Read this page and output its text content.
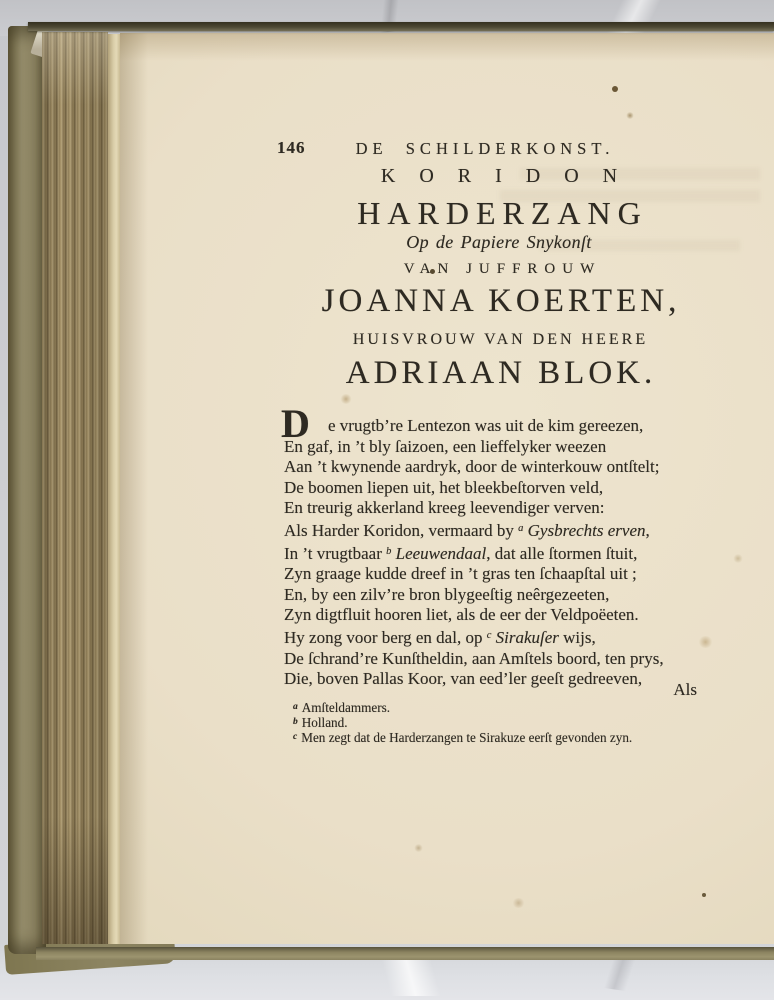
146	DE SCHILDERKONST.
KORIDON
HARDERZANG
Op de Papiere Snykonſt
VAN JUFFROUW
JOANNA KOERTEN,
HUISVROUW VAN DEN HEERE
ADRIAAN BLOK.
D	e vrugtb’re Lentezon was uit de kim gereezen,
En gaf, in ’t bly ſaizoen, een lieffelyker weezen
Aan ’t kwynende aardryk, door de winterkouw ontſtelt;
De boomen liepen uit, het bleekbeſtorven veld,
En treurig akkerland kreeg leevendiger verven:
Als Harder Koridon, vermaard by $^a$ Gysbrechts erven,
In ’t vrugtbaar $^b$ Leeuwendaal, dat alle ſtormen ſtuit,
Zyn graage kudde dreef in ’t gras ten ſchaapſtal uit ;
En, by een zilv’re bron blygeeſtig neêrgezeeten,
Zyn digtfluit hooren liet, als de eer der Veldpoëeten.
Hy zong voor berg en dal, op $^c$ Sirakuſer wijs,
De ſchrand’re Kunſtheldin, aan Amſtels boord, ten prys,
Die, boven Pallas Koor, van eed’ler geeſt gedreeven,
Als
$^a$ Amſteldammers.
$^b$ Holland.
$^c$ Men zegt dat de Harderzangen te Sirakuze eerſt gevonden zyn.
